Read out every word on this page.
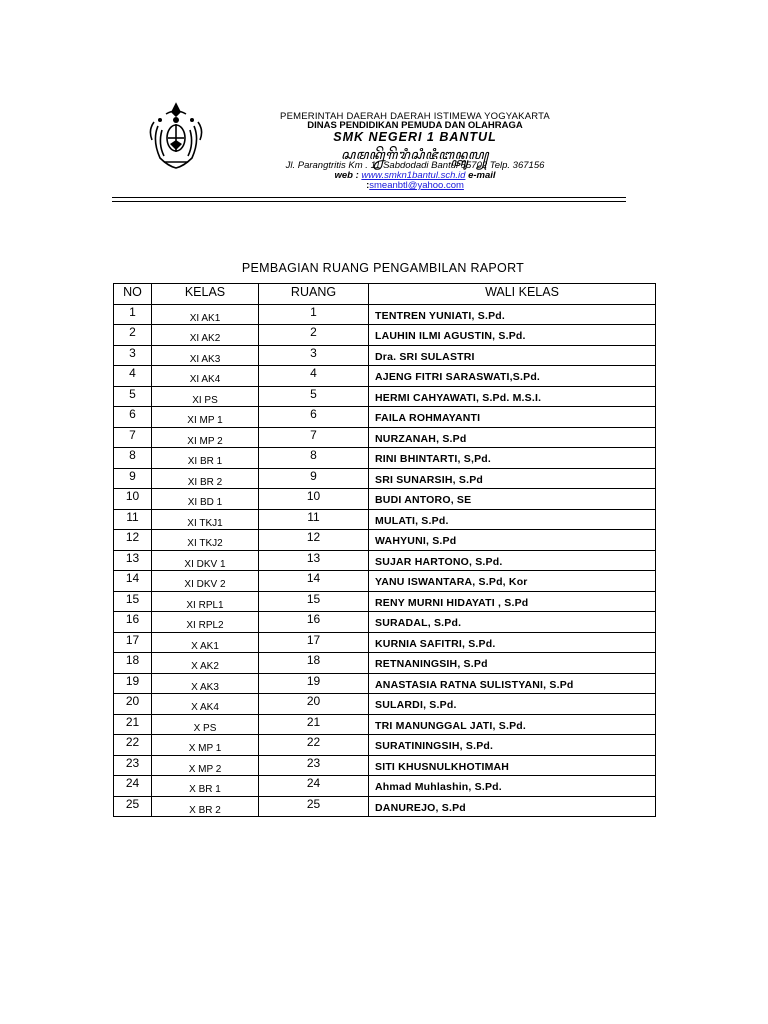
PEMERINTAH DAERAH DAERAH ISTIMEWA YOGYAKARTA
DINAS PENDIDIKAN PEMUDA DAN OLAHRAGA
SMK NEGERI 1 BANTUL
ꦱꦩꦏ꧀ꦤꦼꦒꦼꦫꦶꦱꦶꦗꦶꦧꦤ꧀ꦠꦸꦭ꧀
Jl. Parangtritis Km . 11 Sabdodadi Bantul 55702 Telp. 367156
web : www.smkn1bantul.sch.id e-mail
:smeanbtl@yahoo.com
PEMBAGIAN RUANG PENGAMBILAN RAPORT
NO	KELAS	RUANG	WALI KELAS
1	XI AK1	1	TENTREN YUNIATI, S.Pd.
2	XI AK2	2	LAUHIN ILMI AGUSTIN, S.Pd.
3	XI AK3	3	Dra. SRI SULASTRI
4	XI AK4	4	AJENG FITRI SARASWATI,S.Pd.
5	XI PS	5	HERMI CAHYAWATI, S.Pd. M.S.I.
6	XI MP 1	6	FAILA ROHMAYANTI
7	XI MP 2	7	NURZANAH, S.Pd
8	XI BR 1	8	RINI BHINTARTI, S,Pd.
9	XI BR 2	9	SRI SUNARSIH, S.Pd
10	XI BD 1	10	BUDI ANTORO, SE
11	XI TKJ1	11	MULATI, S.Pd.
12	XI TKJ2	12	WAHYUNI, S.Pd
13	XI DKV 1	13	SUJAR HARTONO, S.Pd.
14	XI DKV 2	14	YANU ISWANTARA, S.Pd, Kor
15	XI RPL1	15	RENY MURNI HIDAYATI , S.Pd
16	XI RPL2	16	SURADAL, S.Pd.
17	X AK1	17	KURNIA SAFITRI, S.Pd.
18	X AK2	18	RETNANINGSIH, S.Pd
19	X AK3	19	ANASTASIA RATNA SULISTYANI, S.Pd
20	X AK4	20	SULARDI, S.Pd.
21	X PS	21	TRI MANUNGGAL JATI, S.Pd.
22	X MP 1	22	SURATININGSIH, S.Pd.
23	X MP 2	23	SITI KHUSNULKHOTIMAH
24	X BR 1	24	Ahmad Muhlashin, S.Pd.
25	X BR 2	25	DANUREJO, S.Pd
